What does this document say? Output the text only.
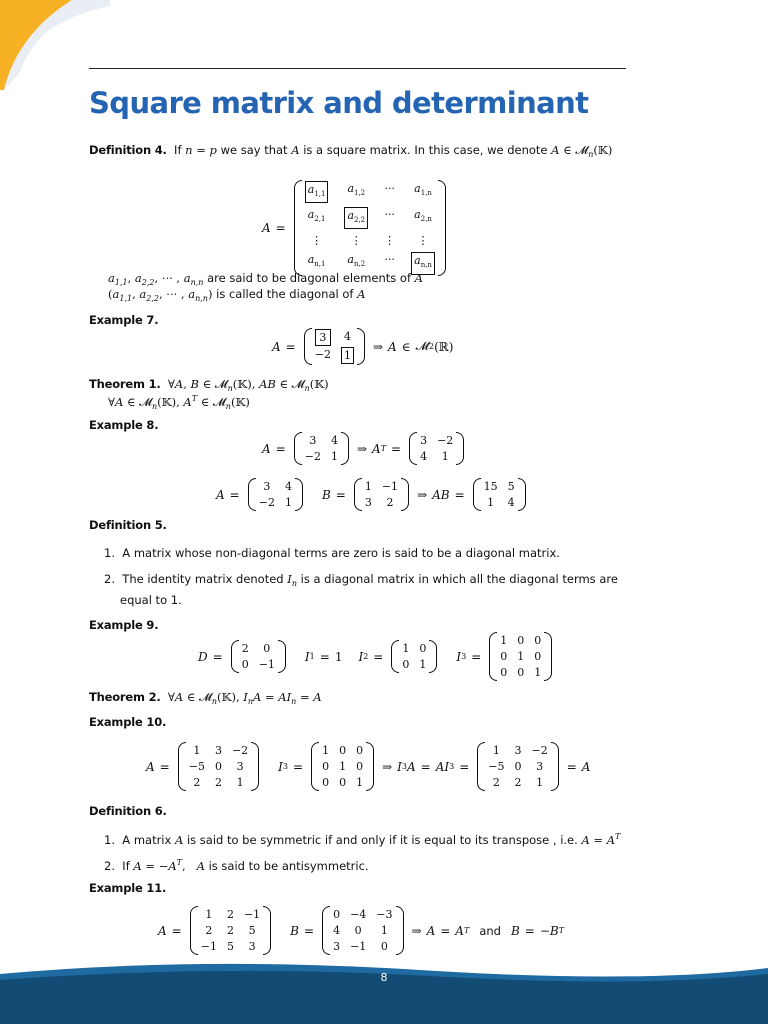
Square matrix and determinant
Definition 4. If n = p we say that A is a square matrix. In this case, we denote A ∈ 𝓜$_n$(𝕂)
A =
$a_{1,1}$ $a_{1,2}$ ··· $a_{1,n}$
$a_{2,1}$ $a_{2,2}$ ··· $a_{2,n}$
⋮	⋮	⋮	⋮
$a_{n,1}$ $a_{n,2}$ ··· $a_{n,n}$
$a_{1,1}$, $a_{2,2}$, ··· , $a_{n,n}$ are said to be diagonal elements of A
($a_{1,1}$, $a_{2,2}$, ··· , $a_{n,n}$) is called the diagonal of A
Example 7.
A =
3	4
−2 1
⇒ A ∈ 𝓜 2 (ℝ)
Theorem 1. ∀A, B ∈ 𝓜$_n$(𝕂), AB ∈ 𝓜$_n$(𝕂)
∀A ∈ 𝓜$_n$(𝕂), $A^T$ ∈ 𝓜$_n$(𝕂)
Example 8.
A =
3	4
−2 1
⇒ A T =
3 −2
4	1
A =
3	4
−2 1
B =
1 −1
3	2
⇒ AB =
15 5
1	4
Definition 5.
1.  A matrix whose non-diagonal terms are zero is said to be a diagonal matrix.
2.  The identity matrix denoted $I_n$ is a diagonal matrix in which all the diagonal terms are
equal to 1.
Example 9.
D =
2	0
0 −1
I 1 = 1 I 2 =
1 0
0 1
I 3 =
1 0 0
0 1 0
0 0 1
Theorem 2. ∀A ∈ 𝓜$_n$(𝕂), $I_nA = AI_n = A$
Example 10.
A =
1	3 −2
−5 0	3
2	2	1
I 3 =
1 0 0
0 1 0
0 0 1
⇒ I 3 A = AI 3 =
1	3 −2
−5 0	3
2	2	1
= A
Definition 6.
1.  A matrix A is said to be symmetric if and only if it is equal to its transpose , i.e. $A = A^T$
2.  If $A = -A^T$, A is said to be antisymmetric.
Example 11.
A =
1	2 −1
2	2	5
−1 5	3
B =
0 −4 −3
4	0	1
3 −1	0
⇒ A = A T and B = − B T
8
